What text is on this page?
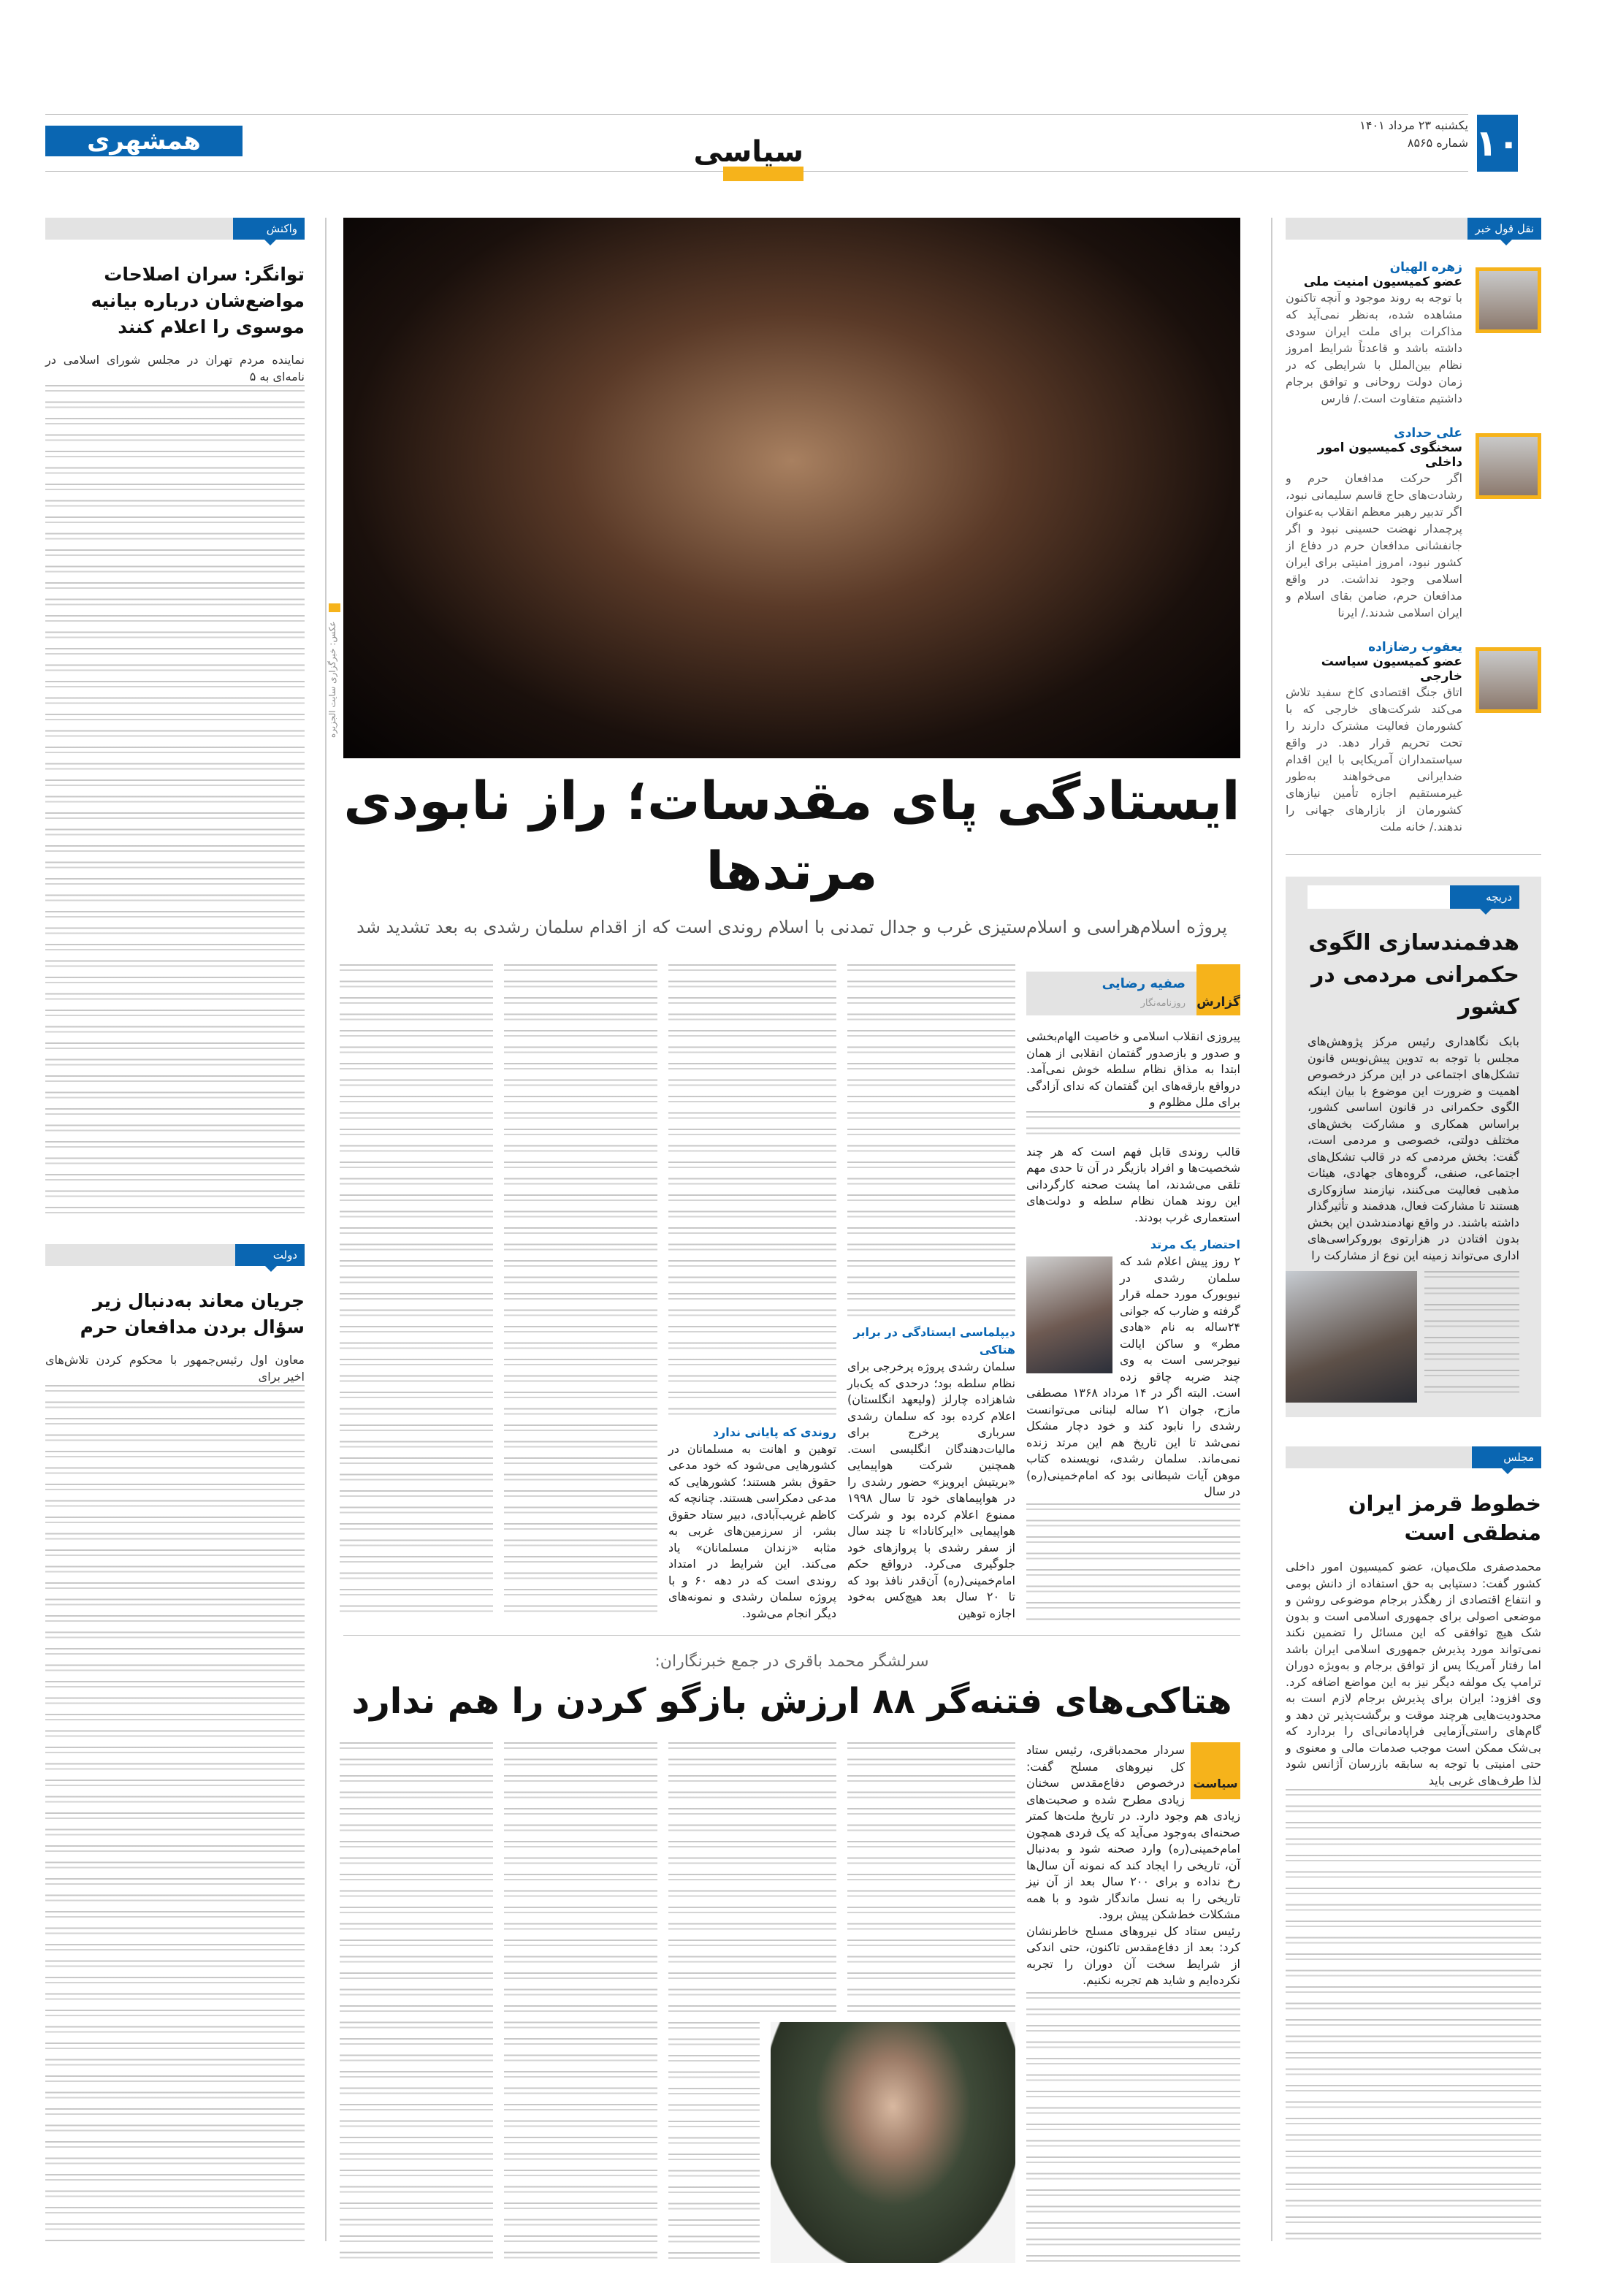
۱۰
یکشنبه ۲۳ مرداد ۱۴۰۱
شماره ۸۵۶۵
همشهری	سیاسی
نقل قول خبر
زهره الهیان
عضو کمیسیون امنیت ملی
با توجه به روند موجود و آنچه تاکنون مشاهده شده، به‌نظر نمی‌آید که مذاکرات برای ملت ایران سودی داشته باشد و قاعدتاً شرایط امروز نظام بین‌الملل با شرایطی که در زمان دولت روحانی و توافق برجام داشتیم متفاوت است./ فارس
علی حدادی
سخنگوی کمیسیون امور داخلی
اگر حرکت مدافعان حرم و رشادت‌های حاج قاسم سلیمانی نبود، اگر تدبیر رهبر معظم انقلاب به‌عنوان پرچمدار نهضت حسینی نبود و اگر جانفشانی مدافعان حرم در دفاع از کشور نبود، امروز امنیتی برای ایران اسلامی وجود نداشت. در واقع مدافعان حرم، ضامن بقای اسلام و ایران اسلامی شدند./ ایرنا
یعقوب رضازاده
عضو کمیسیون سیاست خارجی
اتاق جنگ اقتصادی کاخ سفید تلاش می‌کند شرکت‌های خارجی که با کشورمان فعالیت مشترک دارند را تحت تحریم قرار دهد. در واقع سیاستمداران آمریکایی با این اقدام ضدایرانی می‌خواهند به‌طور غیرمستقیم اجازه تأمین نیازهای کشورمان از بازارهای جهانی را ندهند./ خانه ملت
دریچه
هدفمندسازی الگوی حکمرانی مردمی در کشور
بابک نگاهداری رئیس مرکز پژوهش‌های مجلس با توجه به تدوین پیش‌نویس قانون تشکل‌های اجتماعی در این مرکز درخصوص اهمیت و ضرورت این موضوع با بیان اینکه الگوی حکمرانی در قانون اساسی کشور، براساس همکاری و مشارکت بخش‌های مختلف دولتی، خصوصی و مردمی است، گفت: بخش مردمی که در قالب تشکل‌های اجتماعی، صنفی، گروه‌های جهادی، هیئات مذهبی فعالیت می‌کنند، نیازمند سازوکاری هستند تا مشارکت فعال، هدفمند و تأثیرگذار داشته باشند. در واقع نهادمندشدن این بخش بدون افتادن در هزارتوی بوروکراسی‌های اداری می‌تواند زمینه این نوع از مشارکت را
مجلس
خطوط قرمز ایران منطقی است
محمدصفری ملک‌میان، عضو کمیسیون امور داخلی کشور گفت: دستیابی به حق استفاده از دانش بومی و انتفاع اقتصادی از رهگذر برجام موضوعی روشن و موضعی اصولی برای جمهوری اسلامی است و بدون شک هیچ توافقی که این مسائل را تضمین نکند نمی‌تواند مورد پذیرش جمهوری اسلامی ایران باشد اما رفتار آمریکا پس از توافق برجام و به‌ویژه دوران ترامپ یک مولفه دیگر نیز به این مواضع اضافه کرد. وی افزود: ایران برای پذیرش برجام لازم است به محدودیت‌هایی هرچند موقت و برگشت‌پذیر تن دهد و گام‌های راستی‌آزمایی فراپادمانی‌ای را بردارد که بی‌شک ممکن است موجب صدمات مالی و معنوی و حتی امنیتی با توجه به سابقه بازرسان آژانس شود لذا طرف‌های غربی باید
واکنش
توانگر: سران اصلاحات مواضع‌شان درباره بیانیه موسوی را اعلام کنند
نماینده مردم تهران در مجلس شورای اسلامی در نامه‌ای به ۵
دولت
جریان معاند به‌دنبال زیر سؤال بردن مدافعان حرم
معاون اول رئیس‌جمهور با محکوم کردن تلاش‌های اخیر برای
عکس: خبرگزاری سایت الجزیره
ایستادگی پای مقدسات؛ راز نابودی مرتدها
پروژه اسلام‌هراسی و اسلام‌ستیزی غرب و جدال تمدنی با اسلام روندی است که از اقدام سلمان رشدی به بعد تشدید شد
گزارش
صفیه رضایی
روزنامه‌نگار
پیروزی انقلاب اسلامی و خاصیت الهام‌بخشی و صدور و بازصدور گفتمان انقلابی از همان ابتدا به مذاق نظام سلطه خوش نمی‌آمد. درواقع بارقه‌های این گفتمان که ندای آزادگی برای ملل مظلوم و
قالب روندی قابل فهم است که هر چند شخصیت‌ها و افراد بازیگر در آن تا حدی مهم تلقی می‌شدند، اما پشت صحنه کارگردانی این روند همان نظام سلطه و دولت‌های استعماری غرب بودند.
احتضار یک مرتد
۲ روز پیش اعلام شد که سلمان رشدی در نیویورک مورد حمله قرار گرفته و ضارب که جوانی ۲۴ساله به نام «هادی مطر» و ساکن ایالت نیوجرسی است به وی چند ضربه چاقو زده است. البته اگر در ۱۴ مرداد ۱۳۶۸ مصطفی مازح، جوان ۲۱ ساله لبنانی می‌توانست رشدی را نابود کند و خود دچار مشکل نمی‌شد تا این تاریخ هم این مرتد زنده نمی‌ماند. سلمان رشدی، نویسنده کتاب موهن آیات شیطانی بود که امام‌خمینی(ره) در سال
دیپلماسی ایستادگی در برابر هتاکی
سلمان رشدی پروژه پرخرجی برای نظام سلطه بود؛ درحدی که یک‌بار شاهزاده چارلز (ولیعهد انگلستان) اعلام کرده بود که سلمان رشدی سرباری پرخرج برای مالیات‌دهندگان انگلیسی است. همچنین شرکت هواپیمایی «بریتیش ایرویز» حضور رشدی را در هواپیماهای خود تا سال ۱۹۹۸ ممنوع اعلام کرده بود و شرکت هواپیمایی «ایرکانادا» تا چند سال از سفر رشدی با پروازهای خود جلوگیری می‌کرد. درواقع حکم امام‌خمینی(ره) آن‌قدر نافذ بود که تا ۲۰ سال بعد هیچ‌کس به‌خود اجازه توهین
روندی که پایانی ندارد
توهین و اهانت به مسلمانان در کشورهایی می‌شود که خود مدعی حقوق بشر هستند؛ کشورهایی که مدعی دمکراسی هستند. چنانچه که کاظم غریب‌آبادی، دبیر ستاد حقوق بشر، از سرزمین‌های غربی به مثابه «زندان مسلمانان» یاد می‌کند. این شرایط در امتداد روندی است که در دهه ۶۰ و با پروژه سلمان رشدی و نمونه‌های دیگر انجام می‌شود.
سرلشگر محمد باقری در جمع خبرنگاران:
هتاکی‌های فتنه‌گر ۸۸ ارزش بازگو کردن را هم ندارد
سیاست
سردار محمدباقری، رئیس ستاد کل نیروهای مسلح گفت: درخصوص دفاع‌مقدس سخنان زیادی مطرح شده و صحبت‌های زیادی هم وجود دارد. در تاریخ ملت‌ها کمتر صحنه‌ای به‌وجود می‌آید که یک فردی همچون امام‌خمینی(ره) وارد صحنه شود و به‌دنبال آن، تاریخی را ایجاد کند که نمونه آن سال‌ها رخ نداده و برای ۲۰۰ سال بعد از آن نیز تاریخی را به نسل ماندگار شود و با همه مشکلات خط‌شکن پیش برود.
رئیس ستاد کل نیروهای مسلح خاطرنشان کرد: بعد از دفاع‌مقدس تاکنون، حتی اندکی از شرایط سخت آن دوران را تجربه نکرده‌ایم و شاید هم تجربه نکنیم.
